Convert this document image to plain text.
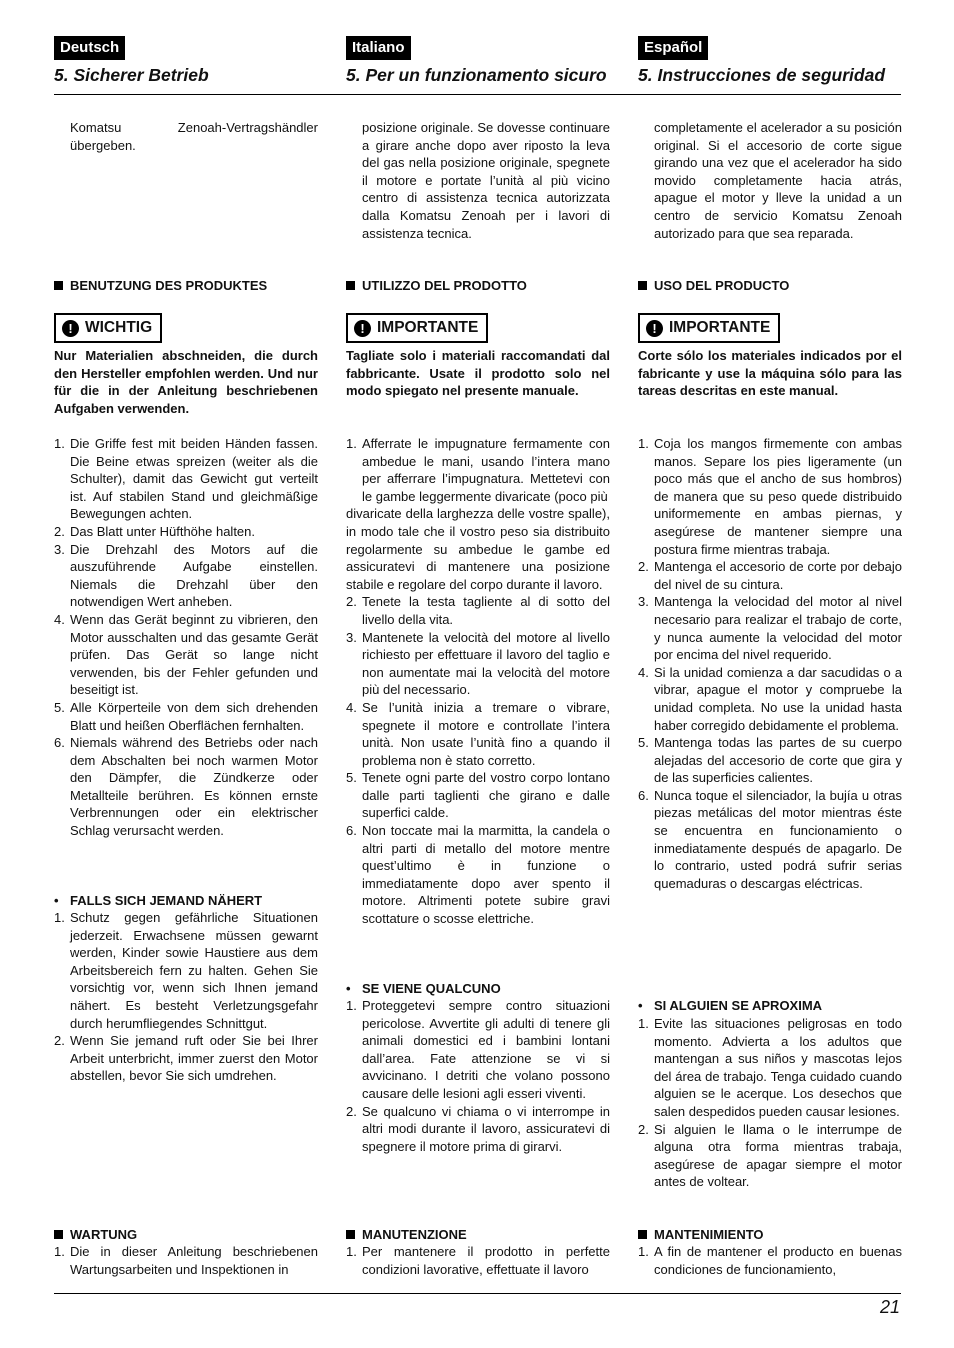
Deutsch
5. Sicherer Betrieb
Italiano
5. Per un funzionamento sicuro
Español
5. Instrucciones de seguridad
Komatsu Zenoah-Vertragshändler übergeben.
BENUTZUNG DES PRODUKTES
! WICHTIG
Nur Materialien abschneiden, die durch den Hersteller empfohlen werden. Und nur für die in der Anleitung beschriebenen Aufgaben verwenden.
1. Die Griffe fest mit beiden Händen fassen. Die Beine etwas spreizen (weiter als die Schulter), damit das Gewicht gut verteilt ist. Auf stabilen Stand und gleichmäßige Bewegungen achten.
2. Das Blatt unter Hüfthöhe halten.
3. Die Drehzahl des Motors auf die auszuführende Aufgabe einstellen. Niemals die Drehzahl über den notwendigen Wert anheben.
4. Wenn das Gerät beginnt zu vibrieren, den Motor ausschalten und das gesamte Gerät prüfen. Das Gerät so lange nicht verwenden, bis der Fehler gefunden und beseitigt ist.
5. Alle Körperteile von dem sich drehenden Blatt und heißen Oberflächen fernhalten.
6. Niemals während des Betriebs oder nach dem Abschalten bei noch warmen Motor den Dämpfer, die Zündkerze oder Metallteile berühren. Es können ernste Verbrennungen oder ein elektrischer Schlag verursacht werden.
• FALLS SICH JEMAND NÄHERT
1. Schutz gegen gefährliche Situationen jederzeit. Erwachsene müssen gewarnt werden, Kinder sowie Haustiere aus dem Arbeitsbereich fern zu halten. Gehen Sie vorsichtig vor, wenn sich Ihnen jemand nähert. Es besteht Verletzungsgefahr durch herumfliegendes Schnittgut.
2. Wenn Sie jemand ruft oder Sie bei Ihrer Arbeit unterbricht, immer zuerst den Motor abstellen, bevor Sie sich umdrehen.
WARTUNG
1. Die in dieser Anleitung beschriebenen Wartungsarbeiten und Inspektionen in
posizione originale. Se dovesse continuare a girare anche dopo aver riposto la leva del gas nella posizione originale, spegnete il motore e portate l’unità al più vicino centro di assistenza tecnica autorizzata dalla Komatsu Zenoah per i lavori di assistenza tecnica.
UTILIZZO DEL PRODOTTO
! IMPORTANTE
Tagliate solo i materiali raccomandati dal fabbricante. Usate il prodotto solo nel modo spiegato nel presente manuale.
1. Afferrate le impugnature fermamente con ambedue le mani, usando l’intera mano per afferrare l’impugnatura. Mettetevi con le gambe leggermente divaricate (poco più
divaricate della larghezza delle vostre spalle), in modo tale che il vostro peso sia distribuito regolarmente su ambedue le gambe ed assicuratevi di mantenere una posizione stabile e regolare del corpo durante il lavoro.
2. Tenete la testa tagliente al di sotto del livello della vita.
3. Mantenete la velocità del motore al livello richiesto per effettuare il lavoro del taglio e non aumentate mai la velocità del motore più del necessario.
4. Se l’unità inizia a tremare o vibrare, spegnete il motore e controllate l’intera unità. Non usate l’unità fino a quando il problema non è stato corretto.
5. Tenete ogni parte del vostro corpo lontano dalle parti taglienti che girano e dalle superfici calde.
6. Non toccate mai la marmitta, la candela o altri parti di metallo del motore mentre quest’ultimo è in funzione o immediatamente dopo aver spento il motore. Altrimenti potete subire gravi scottature o scosse elettriche.
• SE VIENE QUALCUNO
1. Proteggetevi sempre contro situazioni pericolose. Avvertite gli adulti di tenere gli animali domestici ed i bambini lontani dall’area. Fate attenzione se vi si avvicinano. I detriti che volano possono causare delle lesioni agli esseri viventi.
2. Se qualcuno vi chiama o vi interrompe in altri modi durante il lavoro, assicuratevi di spegnere il motore prima di girarvi.
MANUTENZIONE
1. Per mantenere il prodotto in perfette condizioni lavorative, effettuate il lavoro
completamente el acelerador a su posición original. Si el accesorio de corte sigue girando una vez que el acelerador ha sido movido completamente hacia atrás, apague el motor y lleve la unidad a un centro de servicio Komatsu Zenoah autorizado para que sea reparada.
USO DEL PRODUCTO
! IMPORTANTE
Corte sólo los materiales indicados por el fabricante y use la máquina sólo para las tareas descritas en este manual.
1. Coja los mangos firmemente con ambas manos. Separe los pies ligeramente (un poco más que el ancho de sus hombros) de manera que su peso quede distribuido uniformemente en ambas piernas, y asegúrese de mantener siempre una postura firme mientras trabaja.
2. Mantenga el accesorio de corte por debajo del nivel de su cintura.
3. Mantenga la velocidad del motor al nivel necesario para realizar el trabajo de corte, y nunca aumente la velocidad del motor por encima del nivel requerido.
4. Si la unidad comienza a dar sacudidas o a vibrar, apague el motor y compruebe la unidad completa. No use la unidad hasta haber corregido debidamente el problema.
5. Mantenga todas las partes de su cuerpo alejadas del accesorio de corte que gira y de las superficies calientes.
6. Nunca toque el silenciador, la bujía u otras piezas metálicas del motor mientras éste se encuentra en funcionamiento o inmediatamente después de apagarlo. De lo contrario, usted podrá sufrir serias quemaduras o descargas eléctricas.
• SI ALGUIEN SE APROXIMA
1. Evite las situaciones peligrosas en todo momento. Advierta a los adultos que mantengan a sus niños y mascotas lejos del área de trabajo. Tenga cuidado cuando alguien se le acerque. Los desechos que salen despedidos pueden causar lesiones.
2. Si alguien le llama o le interrumpe de alguna otra forma mientras trabaja, asegúrese de apagar siempre el motor antes de voltear.
MANTENIMIENTO
1. A fin de mantener el producto en buenas condiciones de funcionamiento,
21
